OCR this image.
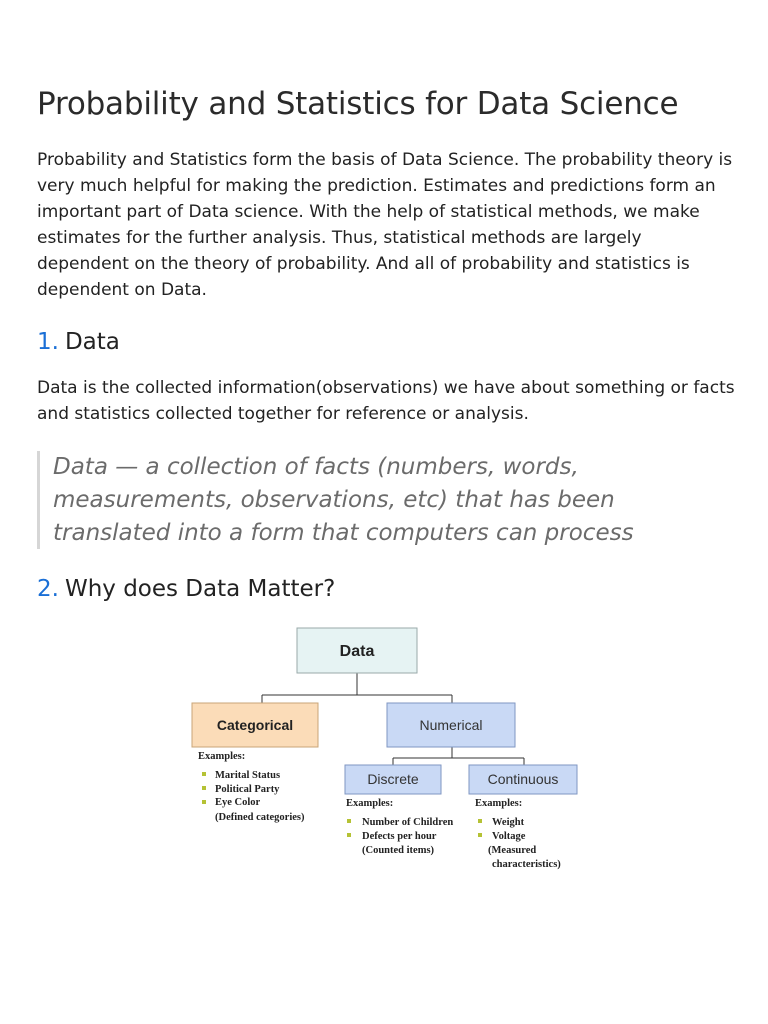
Probability and Statistics for Data Science

Probability and Statistics form the basis of Data Science. The probability theory is very much helpful for making the prediction. Estimates and predictions form an important part of Data science. With the help of statistical methods, we make estimates for the further analysis. Thus, statistical methods are largely dependent on the theory of probability. And all of probability and statistics is dependent on Data.

1. Data

Data is the collected information(observations) we have about something or facts and statistics collected together for reference or analysis.

Data — a collection of facts (numbers, words, measurements, observations, etc) that has been translated into a form that computers can process
2. Why does Data Matter?
Data
Categorical
Examples:
Marital Status
Political Party
Eye Color
(Defined categories)
Numerical
Discrete
Examples:
Number of Children
Defects per hour
(Counted items)
Continuous
Examples:
Weight
Voltage
(Measured
characteristics)
